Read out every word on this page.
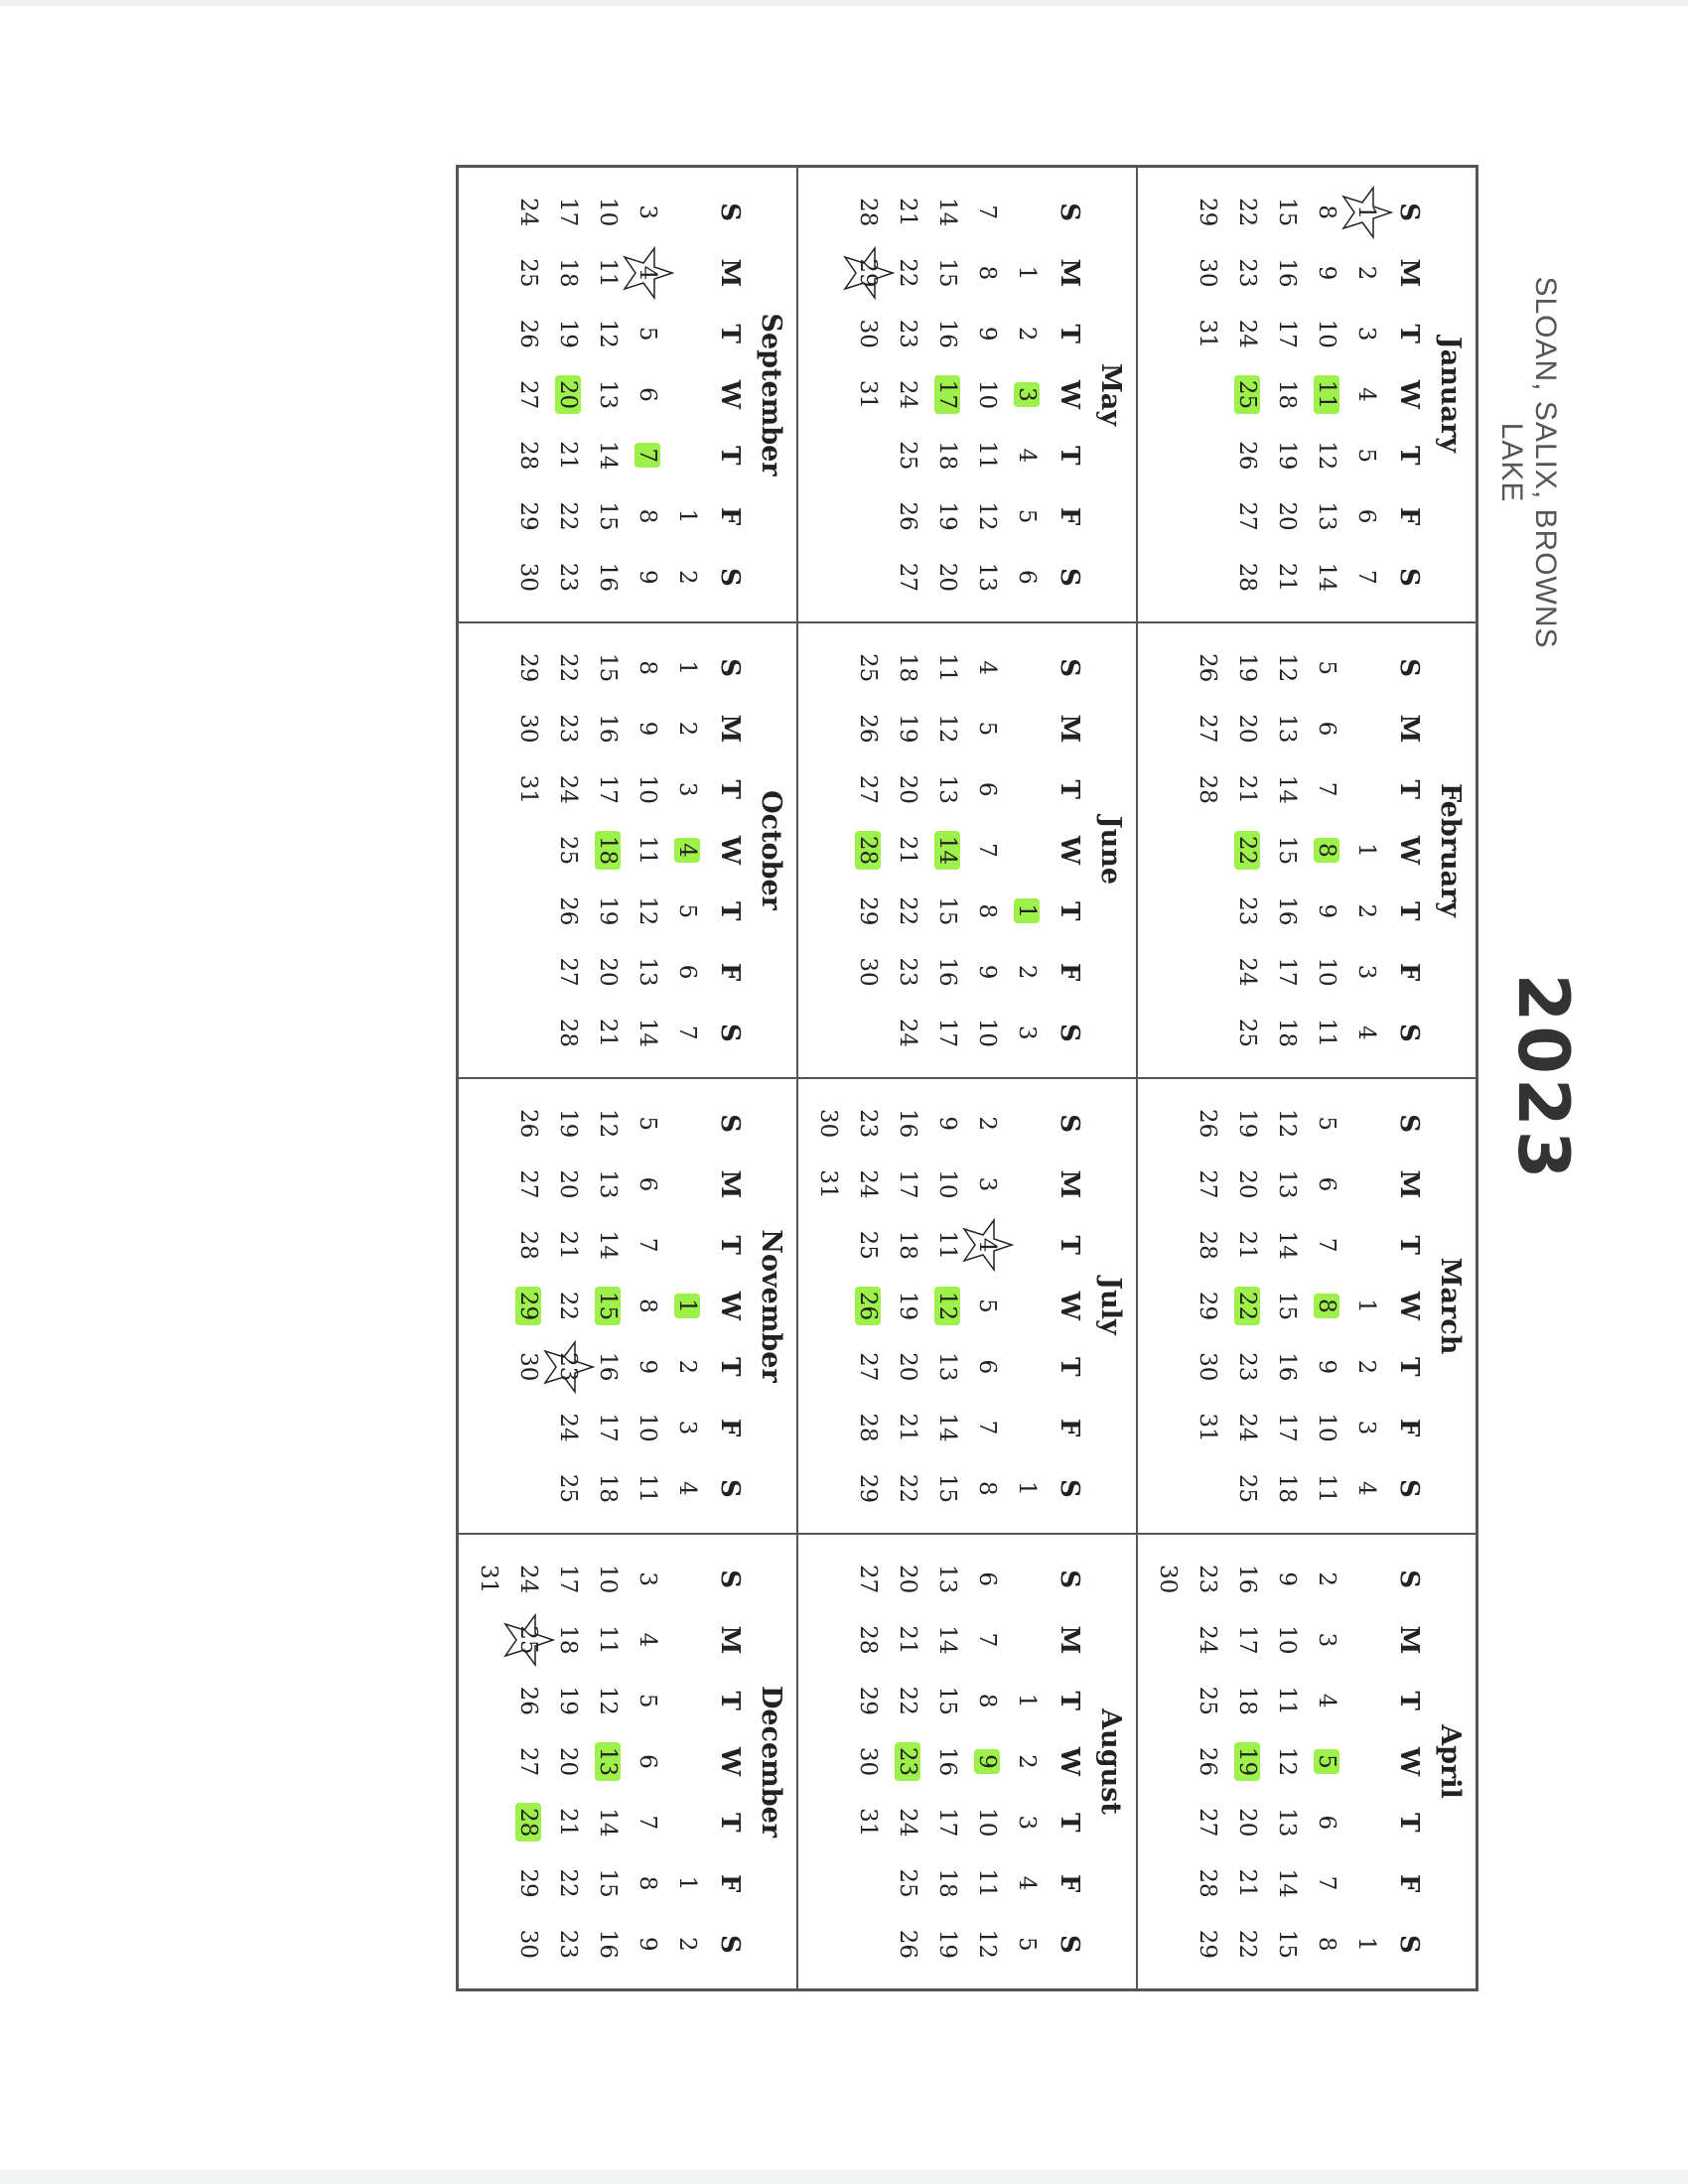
SLOAN, SALIX, BROWNS LAKE
2023
January
S
M
T
W
T
F
S
1
2
3
4
5
6
7
8
9
10
11
12
13
14
15
16
17
18
19
20
21
22
23
24
25
26
27
28
29
30
31
February
S
M
T
W
T
F
S
1
2
3
4
5
6
7
8
9
10
11
12
13
14
15
16
17
18
19
20
21
22
23
24
25
26
27
28
March
S
M
T
W
T
F
S
1
2
3
4
5
6
7
8
9
10
11
12
13
14
15
16
17
18
19
20
21
22
23
24
25
26
27
28
29
30
31
April
S
M
T
W
T
F
S
1
2
3
4
5
6
7
8
9
10
11
12
13
14
15
16
17
18
19
20
21
22
23
24
25
26
27
28
29
30
May
S
M
T
W
T
F
S
1
2
3
4
5
6
7
8
9
10
11
12
13
14
15
16
17
18
19
20
21
22
23
24
25
26
27
28
29
30
31
June
S
M
T
W
T
F
S
1
2
3
4
5
6
7
8
9
10
11
12
13
14
15
16
17
18
19
20
21
22
23
24
25
26
27
28
29
30
July
S
M
T
W
T
F
S
1
2
3
4
5
6
7
8
9
10
11
12
13
14
15
16
17
18
19
20
21
22
23
24
25
26
27
28
29
30
31
August
S
M
T
W
T
F
S
1
2
3
4
5
6
7
8
9
10
11
12
13
14
15
16
17
18
19
20
21
22
23
24
25
26
27
28
29
30
31
September
S
M
T
W
T
F
S
1
2
3
4
5
6
7
8
9
10
11
12
13
14
15
16
17
18
19
20
21
22
23
24
25
26
27
28
29
30
October
S
M
T
W
T
F
S
1
2
3
4
5
6
7
8
9
10
11
12
13
14
15
16
17
18
19
20
21
22
23
24
25
26
27
28
29
30
31
November
S
M
T
W
T
F
S
1
2
3
4
5
6
7
8
9
10
11
12
13
14
15
16
17
18
19
20
21
22
23
24
25
26
27
28
29
30
December
S
M
T
W
T
F
S
1
2
3
4
5
6
7
8
9
10
11
12
13
14
15
16
17
18
19
20
21
22
23
24
25
26
27
28
29
30
31
